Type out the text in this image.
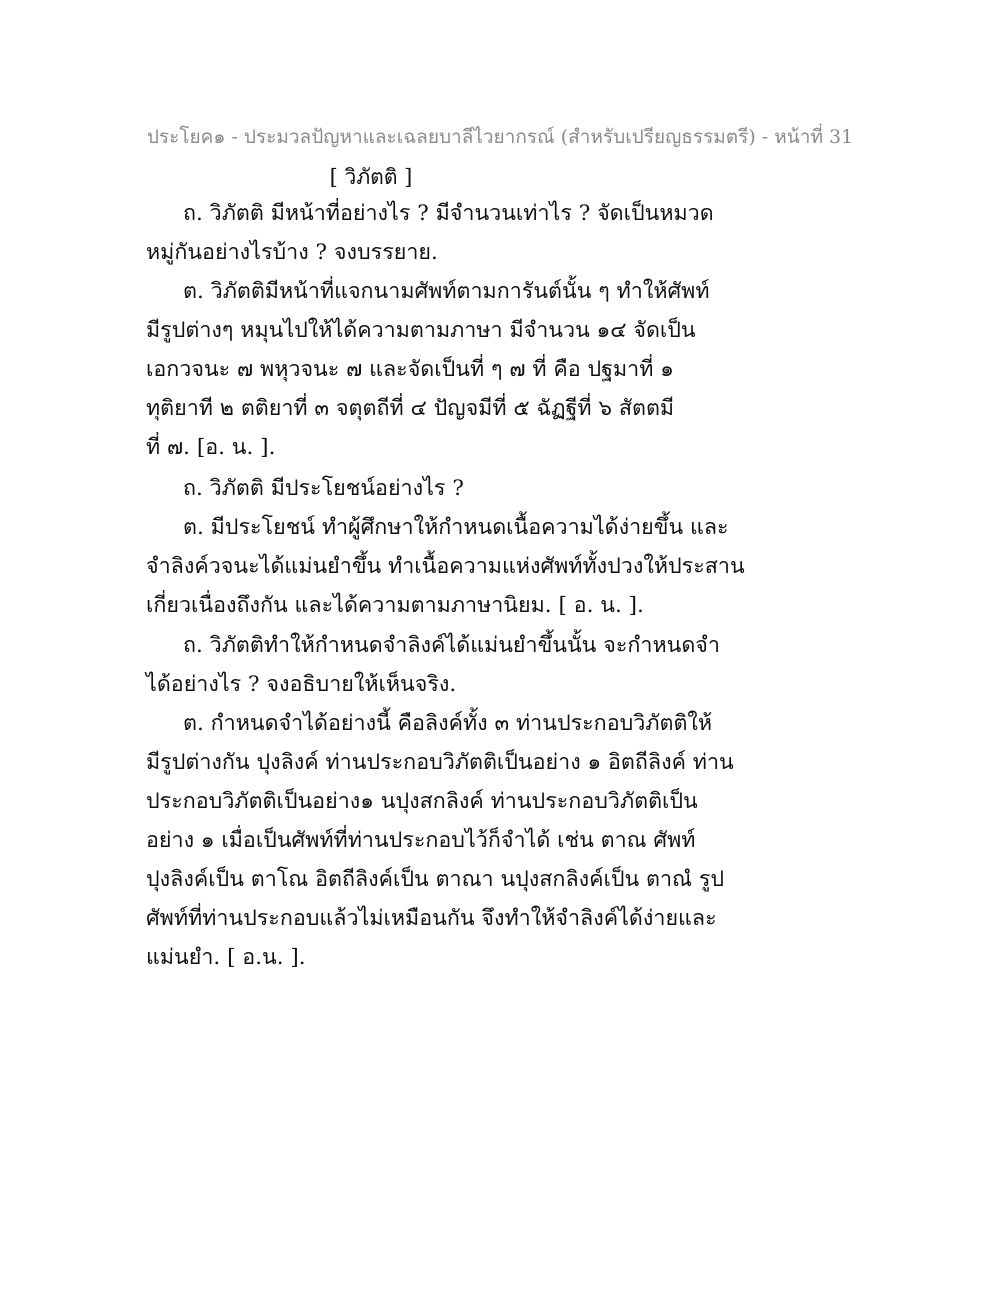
ประโยค๑ - ประมวลปัญหาและเฉลยบาลีไวยากรณ์ (สำหรับเปรียญธรรมตรี) - หน้าที่ 31
[ วิภัตติ ]
ถ. วิภัตติ มีหน้าที่อย่างไร ? มีจำนวนเท่าไร ? จัดเป็นหมวด
หมู่กันอย่างไรบ้าง ? จงบรรยาย.
ต. วิภัตติมีหน้าที่แจกนามศัพท์ตามการันต์นั้น ๆ ทำให้ศัพท์
มีรูปต่างๆ หมุนไปให้ได้ความตามภาษา มีจำนวน ๑๔ จัดเป็น
เอกวจนะ ๗ พหุวจนะ ๗ และจัดเป็นที่ ๆ ๗ ที่ คือ ปฐมาที่ ๑
ทุติยาที ๒ ตติยาที่ ๓ จตุตถีที่ ๔ ปัญจมีที่ ๕ ฉัฏฐีที่ ๖ สัตตมี
ที่ ๗. [อ. น. ].
ถ. วิภัตติ มีประโยชน์อย่างไร ?
ต. มีประโยชน์ ทำผู้ศึกษาให้กำหนดเนื้อความได้ง่ายขึ้น และ
จำลิงค์วจนะได้แม่นยำขึ้น ทำเนื้อความแห่งศัพท์ทั้งปวงให้ประสาน
เกี่ยวเนื่องถึงกัน และได้ความตามภาษานิยม. [ อ. น. ].
ถ. วิภัตติทำให้กำหนดจำลิงค์ได้แม่นยำขึ้นนั้น จะกำหนดจำ
ได้อย่างไร ? จงอธิบายให้เห็นจริง.
ต. กำหนดจำได้อย่างนี้ คือลิงค์ทั้ง ๓ ท่านประกอบวิภัตติให้
มีรูปต่างกัน ปุงลิงค์ ท่านประกอบวิภัตติเป็นอย่าง ๑ อิตถีลิงค์ ท่าน
ประกอบวิภัตติเป็นอย่าง๑ นปุงสกลิงค์ ท่านประกอบวิภัตติเป็น
อย่าง ๑ เมื่อเป็นศัพท์ที่ท่านประกอบไว้ก็จำได้ เช่น ตาณ ศัพท์
ปุงลิงค์เป็น ตาโณ อิตถีลิงค์เป็น ตาณา นปุงสกลิงค์เป็น ตาณํ รูป
ศัพท์ที่ท่านประกอบแล้วไม่เหมือนกัน จึงทำให้จำลิงค์ได้ง่ายและ
แม่นยำ. [ อ.น. ].
